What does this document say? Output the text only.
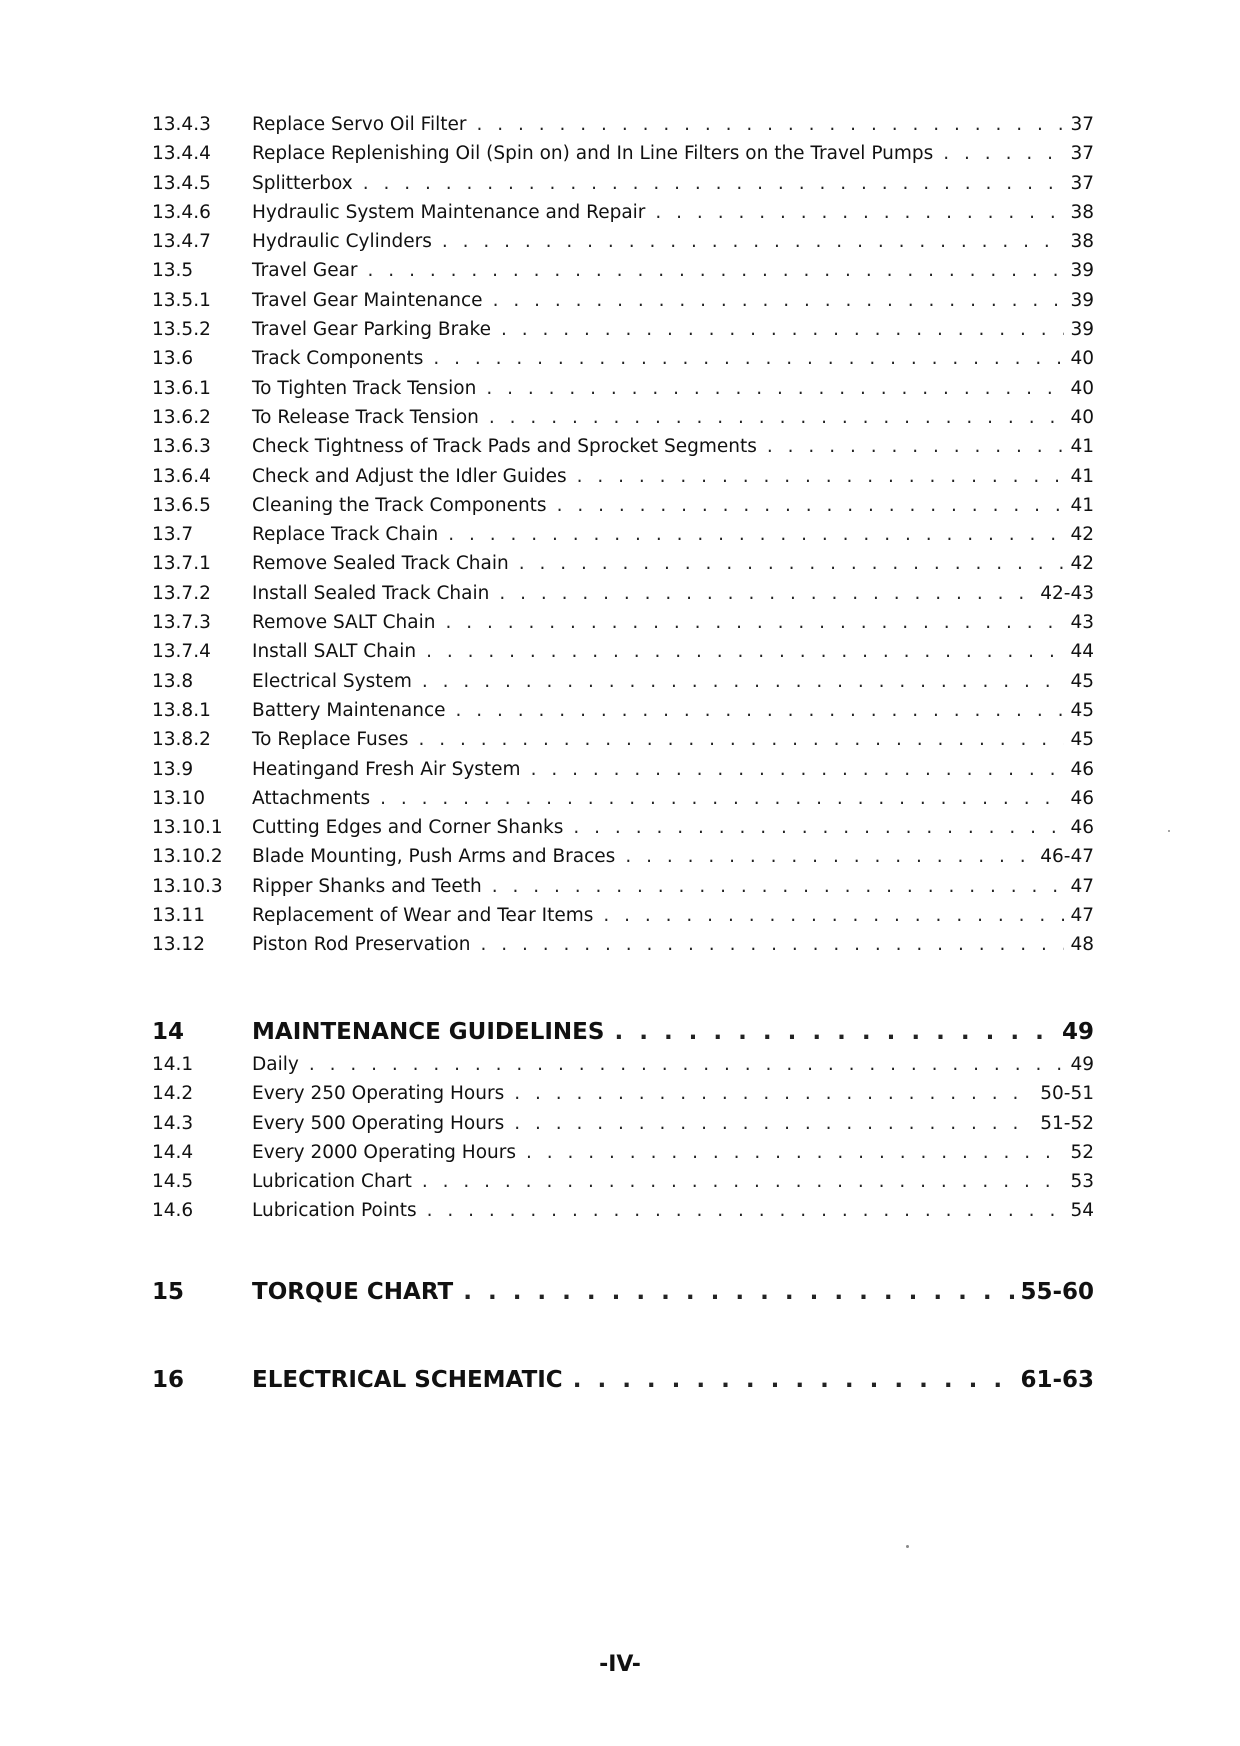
13.4.3 Replace Servo Oil Filter . . .	37
13.4.4 Replace Replenishing Oil (Spin on) and In Line Filters on the Travel Pumps . . .	37
13.4.5 Splitterbox . . .	37
13.4.6 Hydraulic System Maintenance and Repair . . .	38
13.4.7 Hydraulic Cylinders . . .	38
13.5	Travel Gear . . .	39
13.5.1 Travel Gear Maintenance . . .	39
13.5.2 Travel Gear Parking Brake . . .	39
13.6	Track Components . . .	40
13.6.1 To Tighten Track Tension . . .	40
13.6.2 To Release Track Tension . . .	40
13.6.3 Check Tightness of Track Pads and Sprocket Segments . . .	41
13.6.4 Check and Adjust the Idler Guides . . .	41
13.6.5 Cleaning the Track Components . . .	41
13.7	Replace Track Chain . . .	42
13.7.1 Remove Sealed Track Chain . . .	42
13.7.2 Install Sealed Track Chain . . .	42-43
13.7.3 Remove SALT Chain . . .	43
13.7.4 Install SALT Chain . . .	44
13.8	Electrical System . . .	45
13.8.1 Battery Maintenance . . .	45
13.8.2 To Replace Fuses . . .	45
13.9	Heatingand Fresh Air System . . .	46
13.10	Attachments . . .	46
13.10.1 Cutting Edges and Corner Shanks . . .	46
13.10.2 Blade Mounting, Push Arms and Braces . . .	46-47
13.10.3 Ripper Shanks and Teeth . . .	47
13.11	Replacement of Wear and Tear Items . . .	47
13.12	Piston Rod Preservation . . .	48
14	MAINTENANCE GUIDELINES . . .	49
14.1	Daily . . .	49
14.2	Every 250 Operating Hours . . .	50-51
14.3	Every 500 Operating Hours . . .	51-52
14.4	Every 2000 Operating Hours . . .	52
14.5	Lubrication Chart . . .	53
14.6	Lubrication Points . . .	54
15	TORQUE CHART . . .	55-60
16	ELECTRICAL SCHEMATIC . . .	61-63
-IV-
